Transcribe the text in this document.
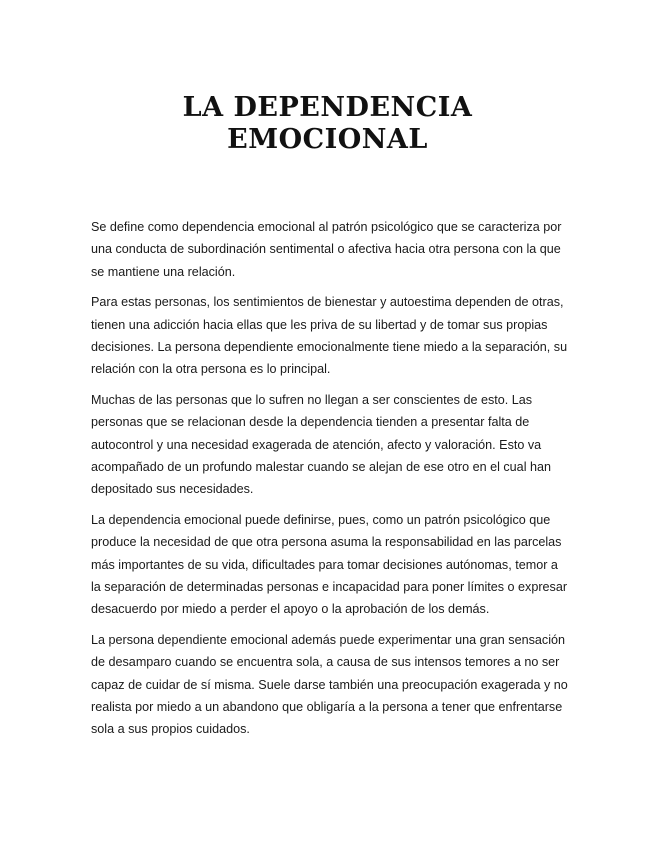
LA DEPENDENCIA
EMOCIONAL

Se define como dependencia emocional al patrón psicológico que se caracteriza por una conducta de subordinación sentimental o afectiva hacia otra persona con la que se mantiene una relación.

Para estas personas, los sentimientos de bienestar y autoestima dependen de otras, tienen una adicción hacia ellas que les priva de su libertad y de tomar sus propias decisiones. La persona dependiente emocionalmente tiene miedo a la separación, su relación con la otra persona es lo principal.

Muchas de las personas que lo sufren no llegan a ser conscientes de esto. Las personas que se relacionan desde la dependencia tienden a presentar falta de autocontrol y una necesidad exagerada de atención, afecto y valoración. Esto va acompañado de un profundo malestar cuando se alejan de ese otro en el cual han depositado sus necesidades.

La dependencia emocional puede definirse, pues, como un patrón psicológico que produce la necesidad de que otra persona asuma la responsabilidad en las parcelas más importantes de su vida, dificultades para tomar decisiones autónomas, temor a la separación de determinadas personas e incapacidad para poner límites o expresar desacuerdo por miedo a perder el apoyo o la aprobación de los demás.

La persona dependiente emocional además puede experimentar una gran sensación de desamparo cuando se encuentra sola, a causa de sus intensos temores a no ser capaz de cuidar de sí misma. Suele darse también una preocupación exagerada y no realista por miedo a un abandono que obligaría a la persona a tener que enfrentarse sola a sus propios cuidados.
